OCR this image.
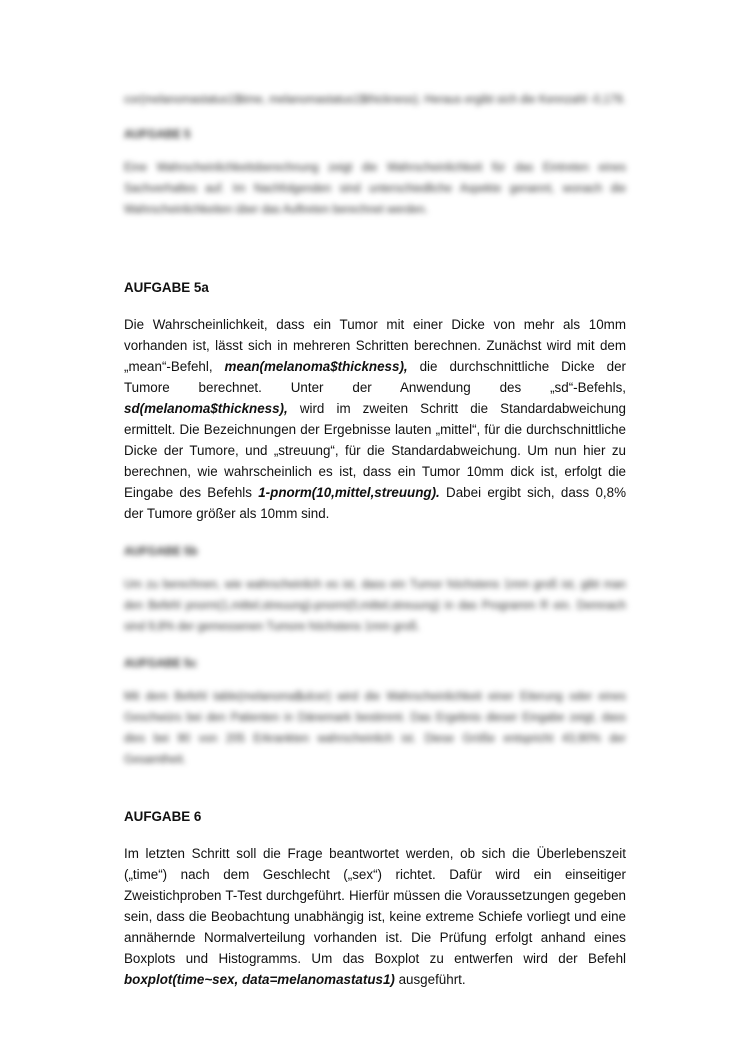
cor(melanomastatus1$time, melanomastatus1$thickness). Heraus ergibt sich die Kennzahl -0,179.

AUFGABE 5

Eine Wahrscheinlichkeitsberechnung zeigt die Wahrscheinlichkeit für das Eintreten eines Sachverhaltes auf. Im Nachfolgenden sind unterschiedliche Aspekte genannt, wonach die Wahrscheinlichkeiten über das Auftreten berechnet werden.

AUFGABE 5a

Die Wahrscheinlichkeit, dass ein Tumor mit einer Dicke von mehr als 10mm vorhanden ist, lässt sich in mehreren Schritten berechnen. Zunächst wird mit dem „mean“-Befehl, mean(melanoma$thickness), die durchschnittliche Dicke der Tumore berechnet. Unter der Anwendung des „sd“-Befehls, sd(melanoma$thickness), wird im zweiten Schritt die Standardabweichung ermittelt. Die Bezeichnungen der Ergebnisse lauten „mittel“, für die durchschnittliche Dicke der Tumore, und „streuung“, für die Standardabweichung. Um nun hier zu berechnen, wie wahrscheinlich es ist, dass ein Tumor 10mm dick ist, erfolgt die Eingabe des Befehls 1-pnorm(10,mittel,streuung). Dabei ergibt sich, dass 0,8% der Tumore größer als 10mm sind.

AUFGABE 5b

Um zu berechnen, wie wahrscheinlich es ist, dass ein Tumor höchstens 1mm groß ist, gibt man den Befehl pnorm(1,mittel,streuung)-pnorm(0,mittel,streuung) in das Programm R ein. Demnach sind 9,8% der gemessenen Tumore höchstens 1mm groß.

AUFGABE 5c

Mit dem Befehl table(melanoma$ulcer) wird die Wahrscheinlichkeit einer Eiterung oder eines Geschwürs bei den Patienten in Dänemark bestimmt. Das Ergebnis dieser Eingabe zeigt, dass dies bei 90 von 205 Erkrankten wahrscheinlich ist. Diese Größe entspricht 43,90% der Gesamtheit.

AUFGABE 6

Im letzten Schritt soll die Frage beantwortet werden, ob sich die Überlebenszeit („time“) nach dem Geschlecht („sex“) richtet. Dafür wird ein einseitiger Zweistichproben T-Test durchgeführt. Hierfür müssen die Voraussetzungen gegeben sein, dass die Beobachtung unabhängig ist, keine extreme Schiefe vorliegt und eine annähernde Normalverteilung vorhanden ist. Die Prüfung erfolgt anhand eines Boxplots und Histogramms. Um das Boxplot zu entwerfen wird der Befehl boxplot(time~sex, data=melanomastatus1) ausgeführt.
